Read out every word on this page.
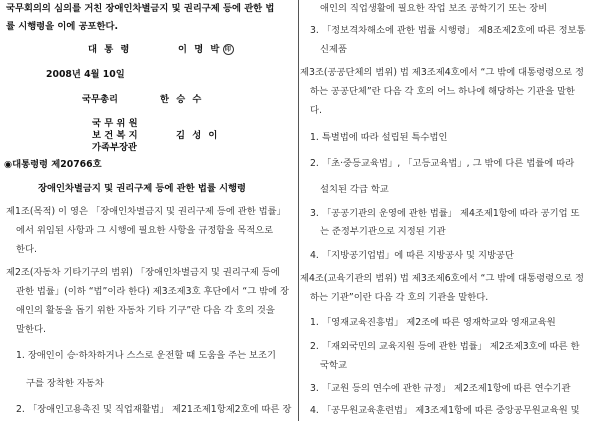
국무회의의 심의를 거친 장애인차별금지 및 권리구제 등에 관한 법
률 시행령을 이에 공포한다.
대 통 령	이 명 박 印
2008년 4월 10일
국무총리	한 승 수
국 무 위 원
보 건 복 지
가족부장관
김 성 이
◉대통령령 제20766호
장애인차별금지 및 권리구제 등에 관한 법률 시행령
제1조(목적) 이 영은 「장애인차별금지 및 권리구제 등에 관한 법률」
에서 위임된 사항과 그 시행에 필요한 사항을 규정함을 목적으로
한다.
제2조(자동차 기타기구의 범위) 「장애인차별금지 및 권리구제 등에
관한 법률」(이하 “법”이라 한다) 제3조제3호 후단에서 “그 밖에 장
애인의 활동을 돕기 위한 자동차 기타 기구”란 다음 각 호의 것을
말한다.
1. 장애인이 승·하차하거나 스스로 운전할 때 도움을 주는 보조기
구를 장착한 자동차
2. 「장애인고용촉진 및 직업재활법」 제21조제1항제2호에 따른 장
애인의 직업생활에 필요한 작업 보조 공학기기 또는 장비
3. 「정보격차해소에 관한 법률 시행령」 제8조제2호에 따른 정보통
신제품
제3조(공공단체의 범위) 법 제3조제4호에서 “그 밖에 대통령령으로 정
하는 공공단체”란 다음 각 호의 어느 하나에 해당하는 기관을 말한
다.
1. 특별법에 따라 설립된 특수법인
2. 「초·중등교육법」, 「고등교육법」, 그 밖에 다른 법률에 따라
설치된 각급 학교
3. 「공공기관의 운영에 관한 법률」 제4조제1항에 따라 공기업 또
는 준정부기관으로 지정된 기관
4. 「지방공기업법」에 따른 지방공사 및 지방공단
제4조(교육기관의 범위) 법 제3조제6호에서 “그 밖에 대통령령으로 정
하는 기관”이란 다음 각 호의 기관을 말한다.
1. 「영재교육진흥법」 제2조에 따른 영재학교와 영재교육원
2. 「재외국민의 교육지원 등에 관한 법률」 제2조제3호에 따른 한
국학교
3. 「교원 등의 연수에 관한 규정」 제2조제1항에 따른 연수기관
4. 「공무원교육훈련법」 제3조제1항에 따른 중앙공무원교육원 및
